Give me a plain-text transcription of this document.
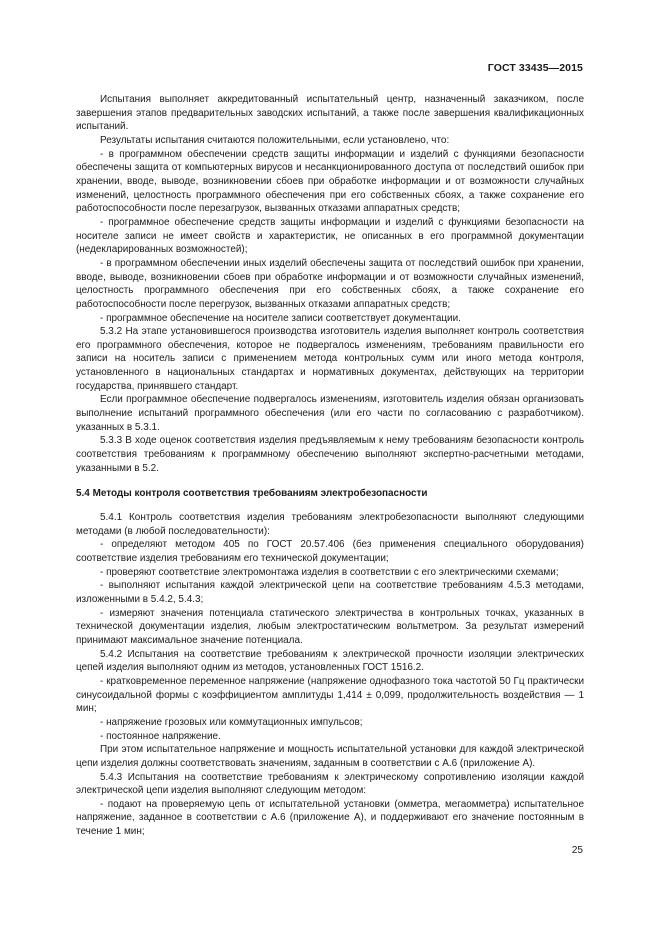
ГОСТ 33435—2015

Испытания выполняет аккредитованный испытательный центр, назначенный заказчиком, после завершения этапов предварительных заводских испытаний, а также после завершения квалификационных испытаний.

Результаты испытания считаются положительными, если установлено, что:

- в программном обеспечении средств защиты информации и изделий с функциями безопасности обеспечены защита от компьютерных вирусов и несанкционированного доступа от последствий ошибок при хранении, вводе, выводе, возникновении сбоев при обработке информации и от возможности случайных изменений, целостность программного обеспечения при его собственных сбоях, а также сохранение его работоспособности после перезагрузок, вызванных отказами аппаратных средств;

- программное обеспечение средств защиты информации и изделий с функциями безопасности на носителе записи не имеет свойств и характеристик, не описанных в его программной документации (недекларированных возможностей);

- в программном обеспечении иных изделий обеспечены защита от последствий ошибок при хранении, вводе, выводе, возникновении сбоев при обработке информации и от возможности случайных изменений, целостность программного обеспечения при его собственных сбоях, а также сохранение его работоспособности после перегрузок, вызванных отказами аппаратных средств;

- программное обеспечение на носителе записи соответствует документации.

5.3.2 На этапе установившегося производства изготовитель изделия выполняет контроль соответствия его программного обеспечения, которое не подвергалось изменениям, требованиям правильности его записи на носитель записи с применением метода контрольных сумм или иного метода контроля, установленного в национальных стандартах и нормативных документах, действующих на территории государства, принявшего стандарт.

Если программное обеспечение подвергалось изменениям, изготовитель изделия обязан организовать выполнение испытаний программного обеспечения (или его части по согласованию с разработчиком). указанных в 5.3.1.

5.3.3 В ходе оценок соответствия изделия предъявляемым к нему требованиям безопасности контроль соответствия требованиям к программному обеспечению выполняют экспертно-расчетными методами, указанными в 5.2.

5.4 Методы контроля соответствия требованиям электробезопасности

5.4.1 Контроль соответствия изделия требованиям электробезопасности выполняют следующими методами (в любой последовательности):

- определяют методом 405 по ГОСТ 20.57.406 (без применения специального оборудования) соответствие изделия требованиям его технической документации;

- проверяют соответствие электромонтажа изделия в соответствии с его электрическими схемами;

- выполняют испытания каждой электрической цепи на соответствие требованиям 4.5.3 методами, изложенными в 5.4.2, 5.4.3;

- измеряют значения потенциала статического электричества в контрольных точках, указанных в технической документации изделия, любым электростатическим вольтметром. За результат измерений принимают максимальное значение потенциала.

5.4.2 Испытания на соответствие требованиям к электрической прочности изоляции электрических цепей изделия выполняют одним из методов, установленных ГОСТ 1516.2.

- кратковременное переменное напряжение (напряжение однофазного тока частотой 50 Гц практически синусоидальной формы с коэффициентом амплитуды 1,414 ± 0,099, продолжительность воздействия — 1 мин;

- напряжение грозовых или коммутационных импульсов;

- постоянное напряжение.

При этом испытательное напряжение и мощность испытательной установки для каждой электрической цепи изделия должны соответствовать значениям, заданным в соответствии с А.6 (приложение А).

5.4.3 Испытания на соответствие требованиям к электрическому сопротивлению изоляции каждой электрической цепи изделия выполняют следующим методом:

- подают на проверяемую цепь от испытательной установки (омметра, мегаомметра) испытательное напряжение, заданное в соответствии с А.6 (приложение А), и поддерживают его значение постоянным в течение 1 мин;

25
